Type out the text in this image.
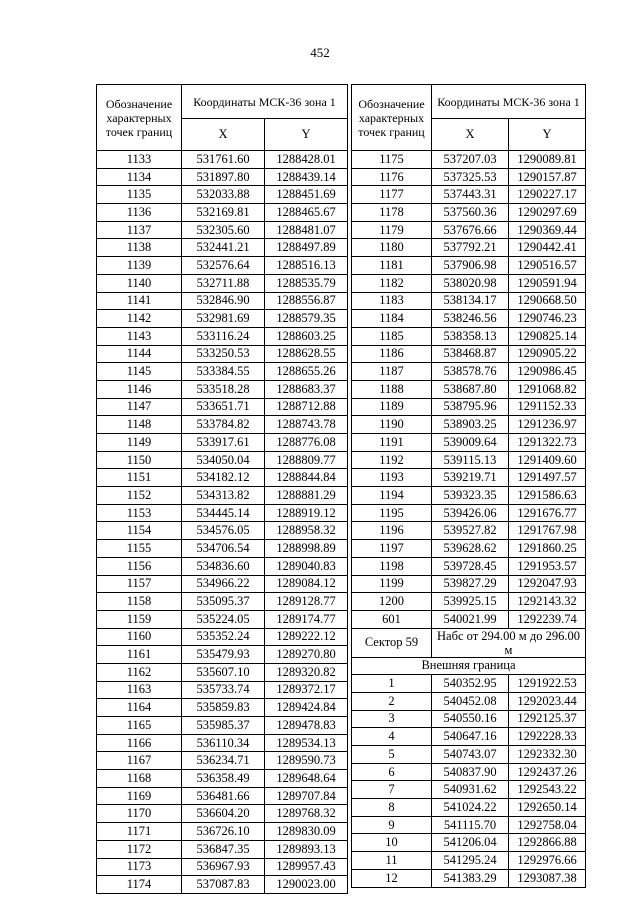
452
Обозначение характерных точек границ	Координаты МСК-36 зона 1	
	X	Y
1133	531761.60	1288428.01
1134	531897.80	1288439.14
1135	532033.88	1288451.69
1136	532169.81	1288465.67
1137	532305.60	1288481.07
1138	532441.21	1288497.89
1139	532576.64	1288516.13
1140	532711.88	1288535.79
1141	532846.90	1288556.87
1142	532981.69	1288579.35
1143	533116.24	1288603.25
1144	533250.53	1288628.55
1145	533384.55	1288655.26
1146	533518.28	1288683.37
1147	533651.71	1288712.88
1148	533784.82	1288743.78
1149	533917.61	1288776.08
1150	534050.04	1288809.77
1151	534182.12	1288844.84
1152	534313.82	1288881.29
1153	534445.14	1288919.12
1154	534576.05	1288958.32
1155	534706.54	1288998.89
1156	534836.60	1289040.83
1157	534966.22	1289084.12
1158	535095.37	1289128.77
1159	535224.05	1289174.77
1160	535352.24	1289222.12
1161	535479.93	1289270.80
1162	535607.10	1289320.82
1163	535733.74	1289372.17
1164	535859.83	1289424.84
1165	535985.37	1289478.83
1166	536110.34	1289534.13
1167	536234.71	1289590.73
1168	536358.49	1289648.64
1169	536481.66	1289707.84
1170	536604.20	1289768.32
1171	536726.10	1289830.09
1172	536847.35	1289893.13
1173	536967.93	1289957.43
1174	537087.83	1290023.00
Обозначение характерных точек границ	Координаты МСК-36 зона 1	
	X	Y
1175	537207.03	1290089.81
1176	537325.53	1290157.87
1177	537443.31	1290227.17
1178	537560.36	1290297.69
1179	537676.66	1290369.44
1180	537792.21	1290442.41
1181	537906.98	1290516.57
1182	538020.98	1290591.94
1183	538134.17	1290668.50
1184	538246.56	1290746.23
1185	538358.13	1290825.14
1186	538468.87	1290905.22
1187	538578.76	1290986.45
1188	538687.80	1291068.82
1189	538795.96	1291152.33
1190	538903.25	1291236.97
1191	539009.64	1291322.73
1192	539115.13	1291409.60
1193	539219.71	1291497.57
1194	539323.35	1291586.63
1195	539426.06	1291676.77
1196	539527.82	1291767.98
1197	539628.62	1291860.25
1198	539728.45	1291953.57
1199	539827.29	1292047.93
1200	539925.15	1292143.32
601	540021.99	1292239.74
Сектор 59	Набс от 294.00 м до 296.00 м	

Внешняя граница		
1	540352.95	1291922.53
2	540452.08	1292023.44
3	540550.16	1292125.37
4	540647.16	1292228.33
5	540743.07	1292332.30
6	540837.90	1292437.26
7	540931.62	1292543.22
8	541024.22	1292650.14
9	541115.70	1292758.04
10	541206.04	1292866.88
11	541295.24	1292976.66
12	541383.29	1293087.38
